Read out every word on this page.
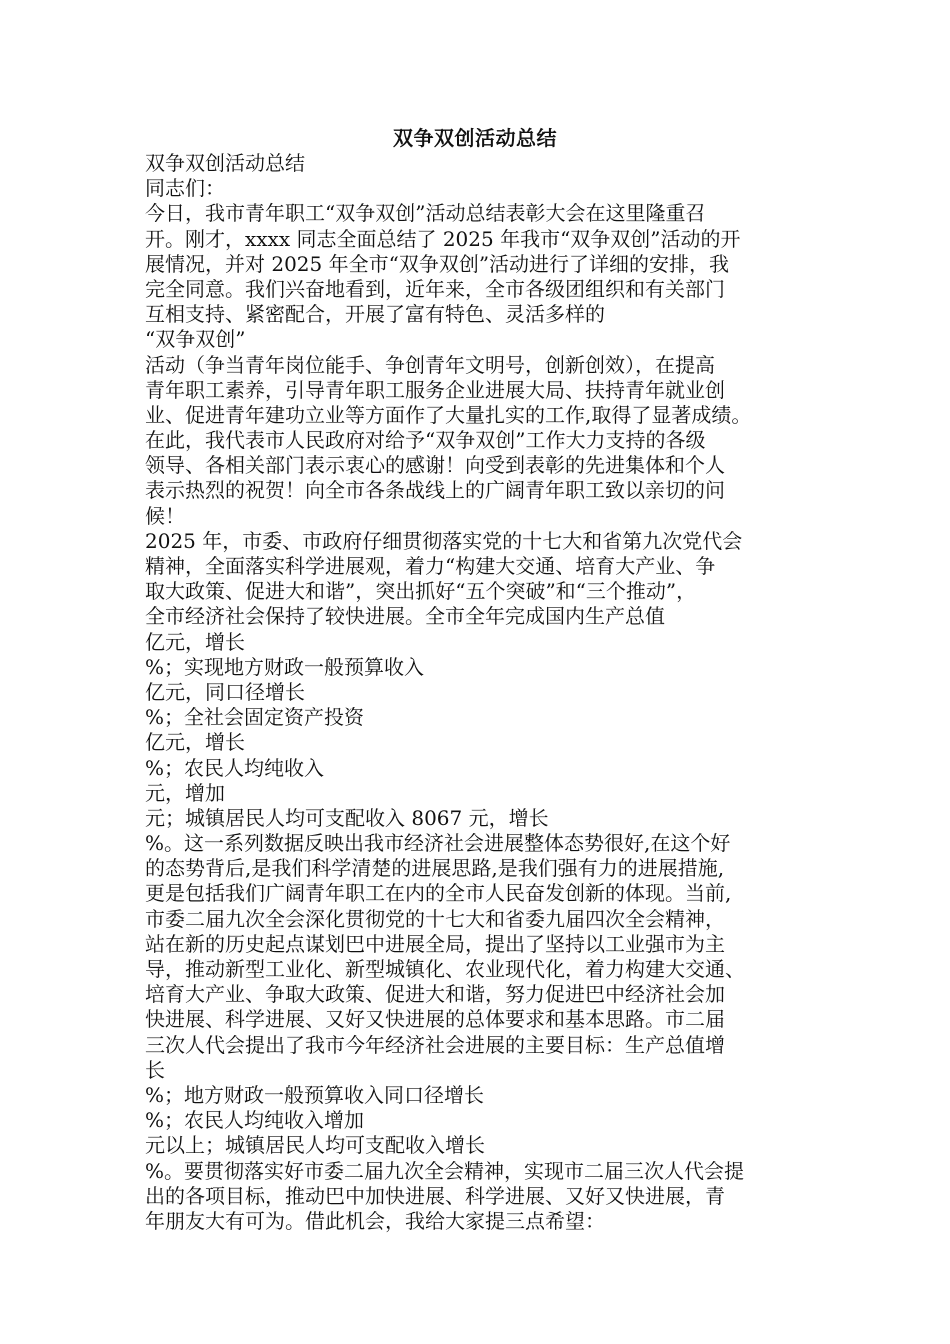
双争双创活动总结
双争双创活动总结
同志们：
今日，我市青年职工“双争双创”活动总结表彰大会在这里隆重召
开。刚才，xxxx 同志全面总结了 2025 年我市“双争双创”活动的开
展情况，并对 2025 年全市“双争双创”活动进行了详细的安排，我
完全同意。我们兴奋地看到，近年来，全市各级团组织和有关部门
互相支持、紧密配合，开展了富有特色、灵活多样的
“双争双创”
活动（争当青年岗位能手、争创青年文明号，创新创效），在提高
青年职工素养，引导青年职工服务企业进展大局、扶持青年就业创
业、促进青年建功立业等方面作了大量扎实的工作,取得了显著成绩。
在此，我代表市人民政府对给予“双争双创”工作大力支持的各级
领导、各相关部门表示衷心的感谢！向受到表彰的先进集体和个人
表示热烈的祝贺！向全市各条战线上的广阔青年职工致以亲切的问
候！
2025 年，市委、市政府仔细贯彻落实党的十七大和省第九次党代会
精神，全面落实科学进展观，着力“构建大交通、培育大产业、争
取大政策、促进大和谐”，突出抓好“五个突破”和“三个推动”，
全市经济社会保持了较快进展。全市全年完成国内生产总值
亿元，增长
%；实现地方财政一般预算收入
亿元，同口径增长
%；全社会固定资产投资
亿元，增长
%；农民人均纯收入
元，增加
元；城镇居民人均可支配收入 8067 元，增长
%。这一系列数据反映出我市经济社会进展整体态势很好,在这个好
的态势背后,是我们科学清楚的进展思路,是我们强有力的进展措施,
更是包括我们广阔青年职工在内的全市人民奋发创新的体现。当前,
市委二届九次全会深化贯彻党的十七大和省委九届四次全会精神，
站在新的历史起点谋划巴中进展全局，提出了坚持以工业强市为主
导，推动新型工业化、新型城镇化、农业现代化，着力构建大交通、
培育大产业、争取大政策、促进大和谐，努力促进巴中经济社会加
快进展、科学进展、又好又快进展的总体要求和基本思路。市二届
三次人代会提出了我市今年经济社会进展的主要目标：生产总值增
长
%；地方财政一般预算收入同口径增长
%；农民人均纯收入增加
元以上；城镇居民人均可支配收入增长
%。要贯彻落实好市委二届九次全会精神，实现市二届三次人代会提
出的各项目标，推动巴中加快进展、科学进展、又好又快进展，青
年朋友大有可为。借此机会，我给大家提三点希望：
